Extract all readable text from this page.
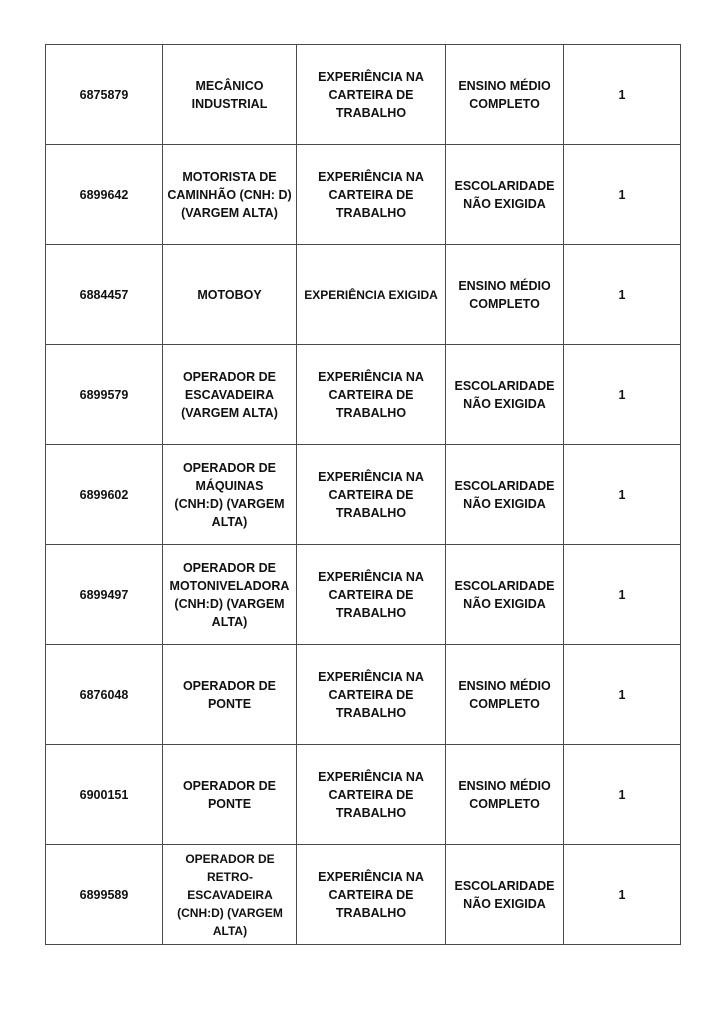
6875879	MECÂNICO INDUSTRIAL	EXPERIÊNCIA NA CARTEIRA DE TRABALHO	ENSINO MÉDIO COMPLETO	1
6899642	MOTORISTA DE CAMINHÃO (CNH: D) (VARGEM ALTA)	EXPERIÊNCIA NA CARTEIRA DE TRABALHO	ESCOLARIDADE NÃO EXIGIDA	1
6884457	MOTOBOY	EXPERIÊNCIA EXIGIDA	ENSINO MÉDIO COMPLETO	1
6899579	OPERADOR DE ESCAVADEIRA (VARGEM ALTA)	EXPERIÊNCIA NA CARTEIRA DE TRABALHO	ESCOLARIDADE NÃO EXIGIDA	1
6899602	OPERADOR DE MÁQUINAS (CNH:D) (VARGEM ALTA)	EXPERIÊNCIA NA CARTEIRA DE TRABALHO	ESCOLARIDADE NÃO EXIGIDA	1
6899497	OPERADOR DE MOTONIVELADORA (CNH:D) (VARGEM ALTA)	EXPERIÊNCIA NA CARTEIRA DE TRABALHO	ESCOLARIDADE NÃO EXIGIDA	1
6876048	OPERADOR DE PONTE	EXPERIÊNCIA NA CARTEIRA DE TRABALHO	ENSINO MÉDIO COMPLETO	1
6900151	OPERADOR DE PONTE	EXPERIÊNCIA NA CARTEIRA DE TRABALHO	ENSINO MÉDIO COMPLETO	1
6899589	OPERADOR DE RETRO-ESCAVADEIRA (CNH:D) (VARGEM ALTA)	EXPERIÊNCIA NA CARTEIRA DE TRABALHO	ESCOLARIDADE NÃO EXIGIDA	1
